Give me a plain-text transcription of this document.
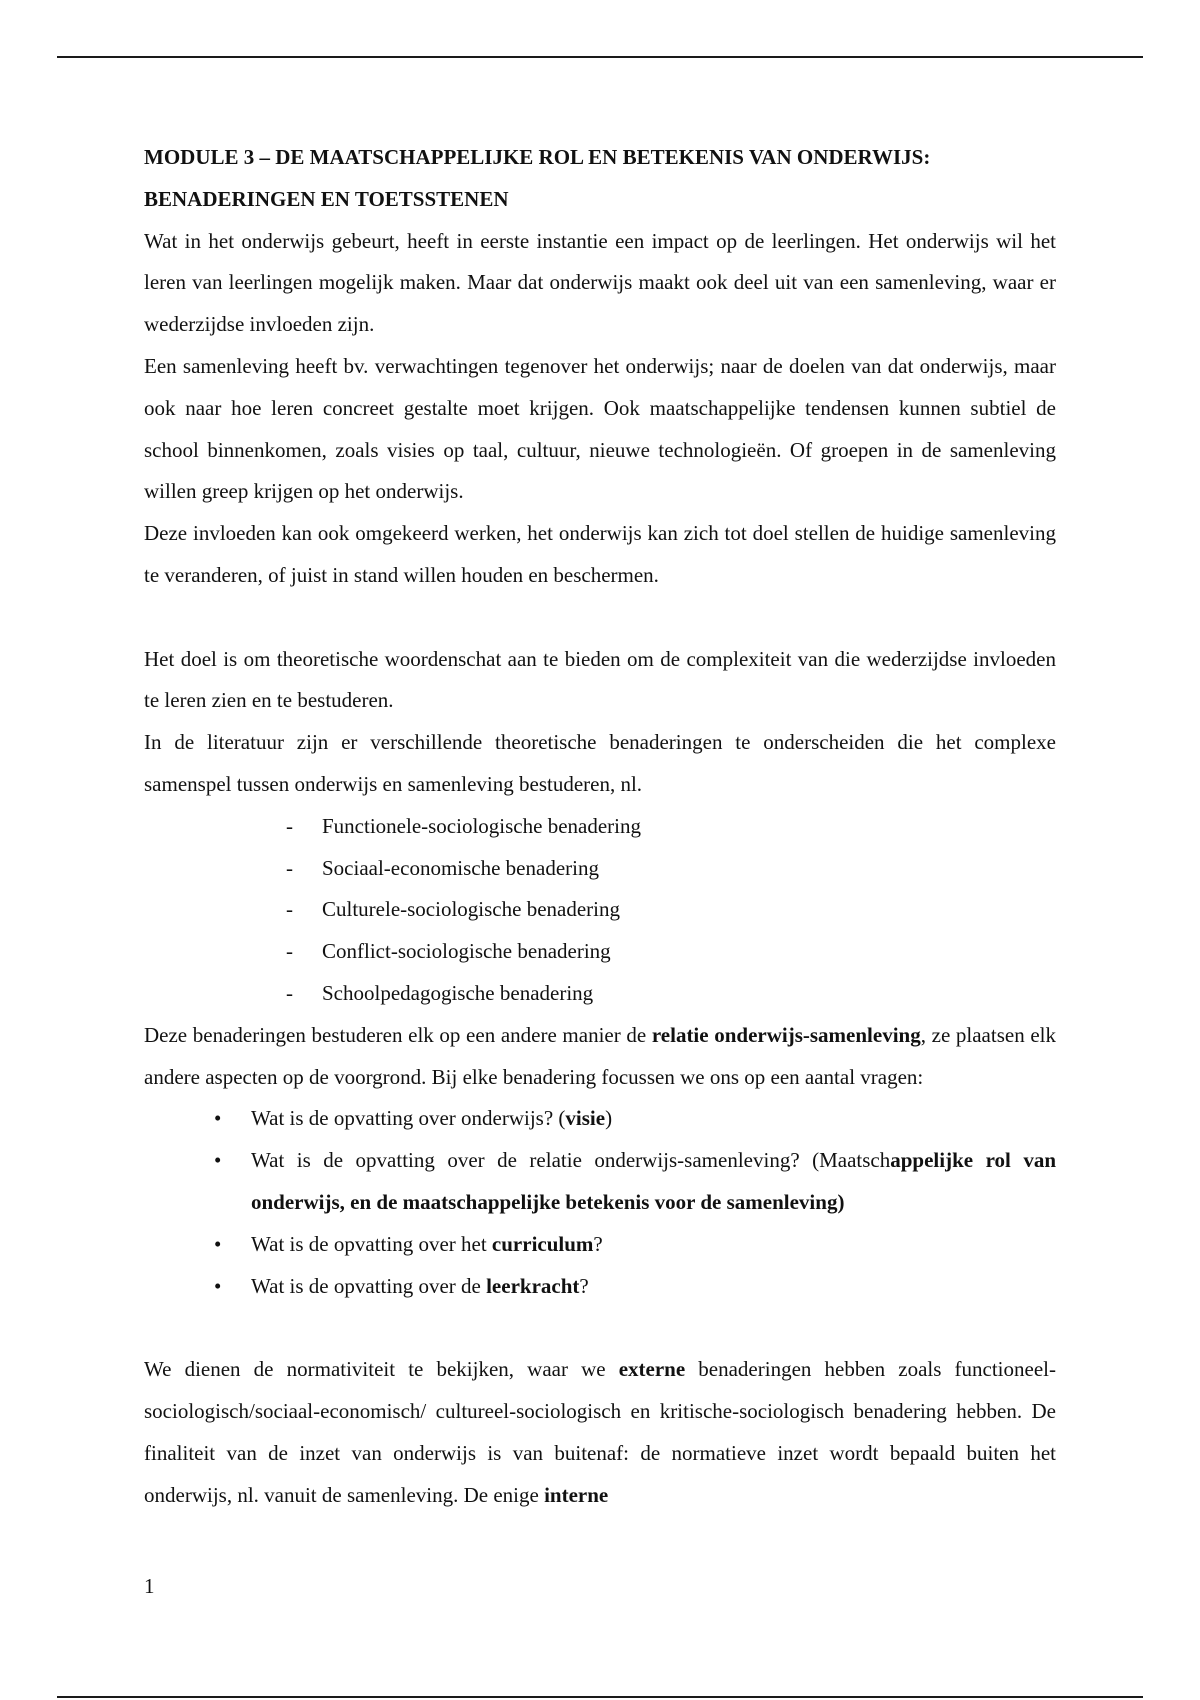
MODULE 3 – DE MAATSCHAPPELIJKE ROL EN BETEKENIS VAN ONDERWIJS: BENADERINGEN EN TOETSSTENEN

Wat in het onderwijs gebeurt, heeft in eerste instantie een impact op de leerlingen. Het onderwijs wil het leren van leerlingen mogelijk maken. Maar dat onderwijs maakt ook deel uit van een samenleving, waar er wederzijdse invloeden zijn.

Een samenleving heeft bv. verwachtingen tegenover het onderwijs; naar de doelen van dat onderwijs, maar ook naar hoe leren concreet gestalte moet krijgen. Ook maatschappelijke tendensen kunnen subtiel de school binnenkomen, zoals visies op taal, cultuur, nieuwe technologieën. Of groepen in de samenleving willen greep krijgen op het onderwijs.

Deze invloeden kan ook omgekeerd werken, het onderwijs kan zich tot doel stellen de huidige samenleving te veranderen, of juist in stand willen houden en beschermen.

Het doel is om theoretische woordenschat aan te bieden om de complexiteit van die wederzijdse invloeden te leren zien en te bestuderen.

In de literatuur zijn er verschillende theoretische benaderingen te onderscheiden die het complexe samenspel tussen onderwijs en samenleving bestuderen, nl.

- Functionele-sociologische benadering
- Sociaal-economische benadering
- Culturele-sociologische benadering
- Conflict-sociologische benadering
- Schoolpedagogische benadering

Deze benaderingen bestuderen elk op een andere manier de relatie onderwijs-samenleving, ze plaatsen elk andere aspecten op de voorgrond. Bij elke benadering focussen we ons op een aantal vragen:

• Wat is de opvatting over onderwijs? (visie)
• Wat is de opvatting over de relatie onderwijs-samenleving? (Maatschappelijke rol van onderwijs, en de maatschappelijke betekenis voor de samenleving)
• Wat is de opvatting over het curriculum?
• Wat is de opvatting over de leerkracht?

We dienen de normativiteit te bekijken, waar we externe benaderingen hebben zoals functioneel-sociologisch/sociaal-economisch/ cultureel-sociologisch en kritische-sociologisch benadering hebben. De finaliteit van de inzet van onderwijs is van buitenaf: de normatieve inzet wordt bepaald buiten het onderwijs, nl. vanuit de samenleving. De enige interne

1
